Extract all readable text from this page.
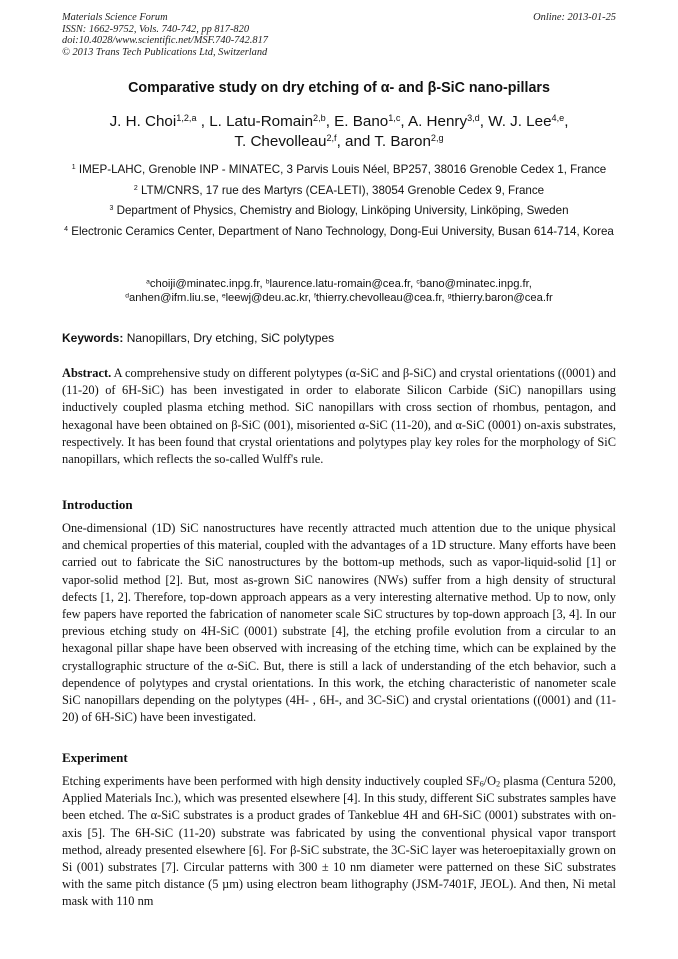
Materials Science Forum
ISSN: 1662-9752, Vols. 740-742, pp 817-820
doi:10.4028/www.scientific.net/MSF.740-742.817
© 2013 Trans Tech Publications Ltd, Switzerland
Online: 2013-01-25
Comparative study on dry etching of α- and β-SiC nano-pillars
J. H. Choi$^{1,2,a}$ , L. Latu-Romain$^{2,b}$, E. Bano$^{1,c}$, A. Henry$^{3,d}$, W. J. Lee$^{4,e}$,
T. Chevolleau$^{2,f}$, and T. Baron$^{2,g}$
$^1$ IMEP-LAHC, Grenoble INP - MINATEC, 3 Parvis Louis Néel, BP257, 38016 Grenoble Cedex 1, France
$^2$ LTM/CNRS, 17 rue des Martyrs (CEA-LETI), 38054 Grenoble Cedex 9, France
$^3$ Department of Physics, Chemistry and Biology, Linköping University, Linköping, Sweden
$^4$ Electronic Ceramics Center, Department of Nano Technology, Dong-Eui University, Busan 614-714, Korea
$^a$choiji@minatec.inpg.fr, $^b$laurence.latu-romain@cea.fr, $^c$bano@minatec.inpg.fr,
$^d$anhen@ifm.liu.se, $^e$leewj@deu.ac.kr, $^f$thierry.chevolleau@cea.fr, $^g$thierry.baron@cea.fr
Keywords: Nanopillars, Dry etching, SiC polytypes
Abstract. A comprehensive study on different polytypes (α-SiC and β-SiC) and crystal orientations ((0001) and (11-20) of 6H-SiC) has been investigated in order to elaborate Silicon Carbide (SiC) nanopillars using inductively coupled plasma etching method. SiC nanopillars with cross section of rhombus, pentagon, and hexagonal have been obtained on β-SiC (001), misoriented α-SiC (11-20), and α-SiC (0001) on-axis substrates, respectively. It has been found that crystal orientations and polytypes play key roles for the morphology of SiC nanopillars, which reflects the so-called Wulff's rule.
Introduction
One-dimensional (1D) SiC nanostructures have recently attracted much attention due to the unique physical and chemical properties of this material, coupled with the advantages of a 1D structure. Many efforts have been carried out to fabricate the SiC nanostructures by the bottom-up methods, such as vapor-liquid-solid [1] or vapor-solid method [2]. But, most as-grown SiC nanowires (NWs) suffer from a high density of structural defects [1, 2]. Therefore, top-down approach appears as a very interesting alternative method. Up to now, only few papers have reported the fabrication of nanometer scale SiC structures by top-down approach [3, 4]. In our previous etching study on 4H-SiC (0001) substrate [4], the etching profile evolution from a circular to an hexagonal pillar shape have been observed with increasing of the etching time, which can be explained by the crystallographic structure of the α-SiC. But, there is still a lack of understanding of the etch behavior, such a dependence of polytypes and crystal orientations. In this work, the etching characteristic of nanometer scale SiC nanopillars depending on the polytypes (4H- , 6H-, and 3C-SiC) and crystal orientations ((0001) and (11-20) of 6H-SiC) have been investigated.
Experiment
Etching experiments have been performed with high density inductively coupled $SF_6/O_2$ plasma (Centura 5200, Applied Materials Inc.), which was presented elsewhere [4]. In this study, different SiC substrates samples have been etched. The α-SiC substrates is a product grades of Tankeblue 4H and 6H-SiC (0001) substrates with on-axis [5]. The 6H-SiC (11-20) substrate was fabricated by using the conventional physical vapor transport method, already presented elsewhere [6]. For β-SiC substrate, the 3C-SiC layer was heteroepitaxially grown on Si (001) substrates [7]. Circular patterns with 300 ± 10 nm diameter were patterned on these SiC substrates with the same pitch distance (5 µm) using electron beam lithography (JSM-7401F, JEOL). And then, Ni metal mask with 110 nm
